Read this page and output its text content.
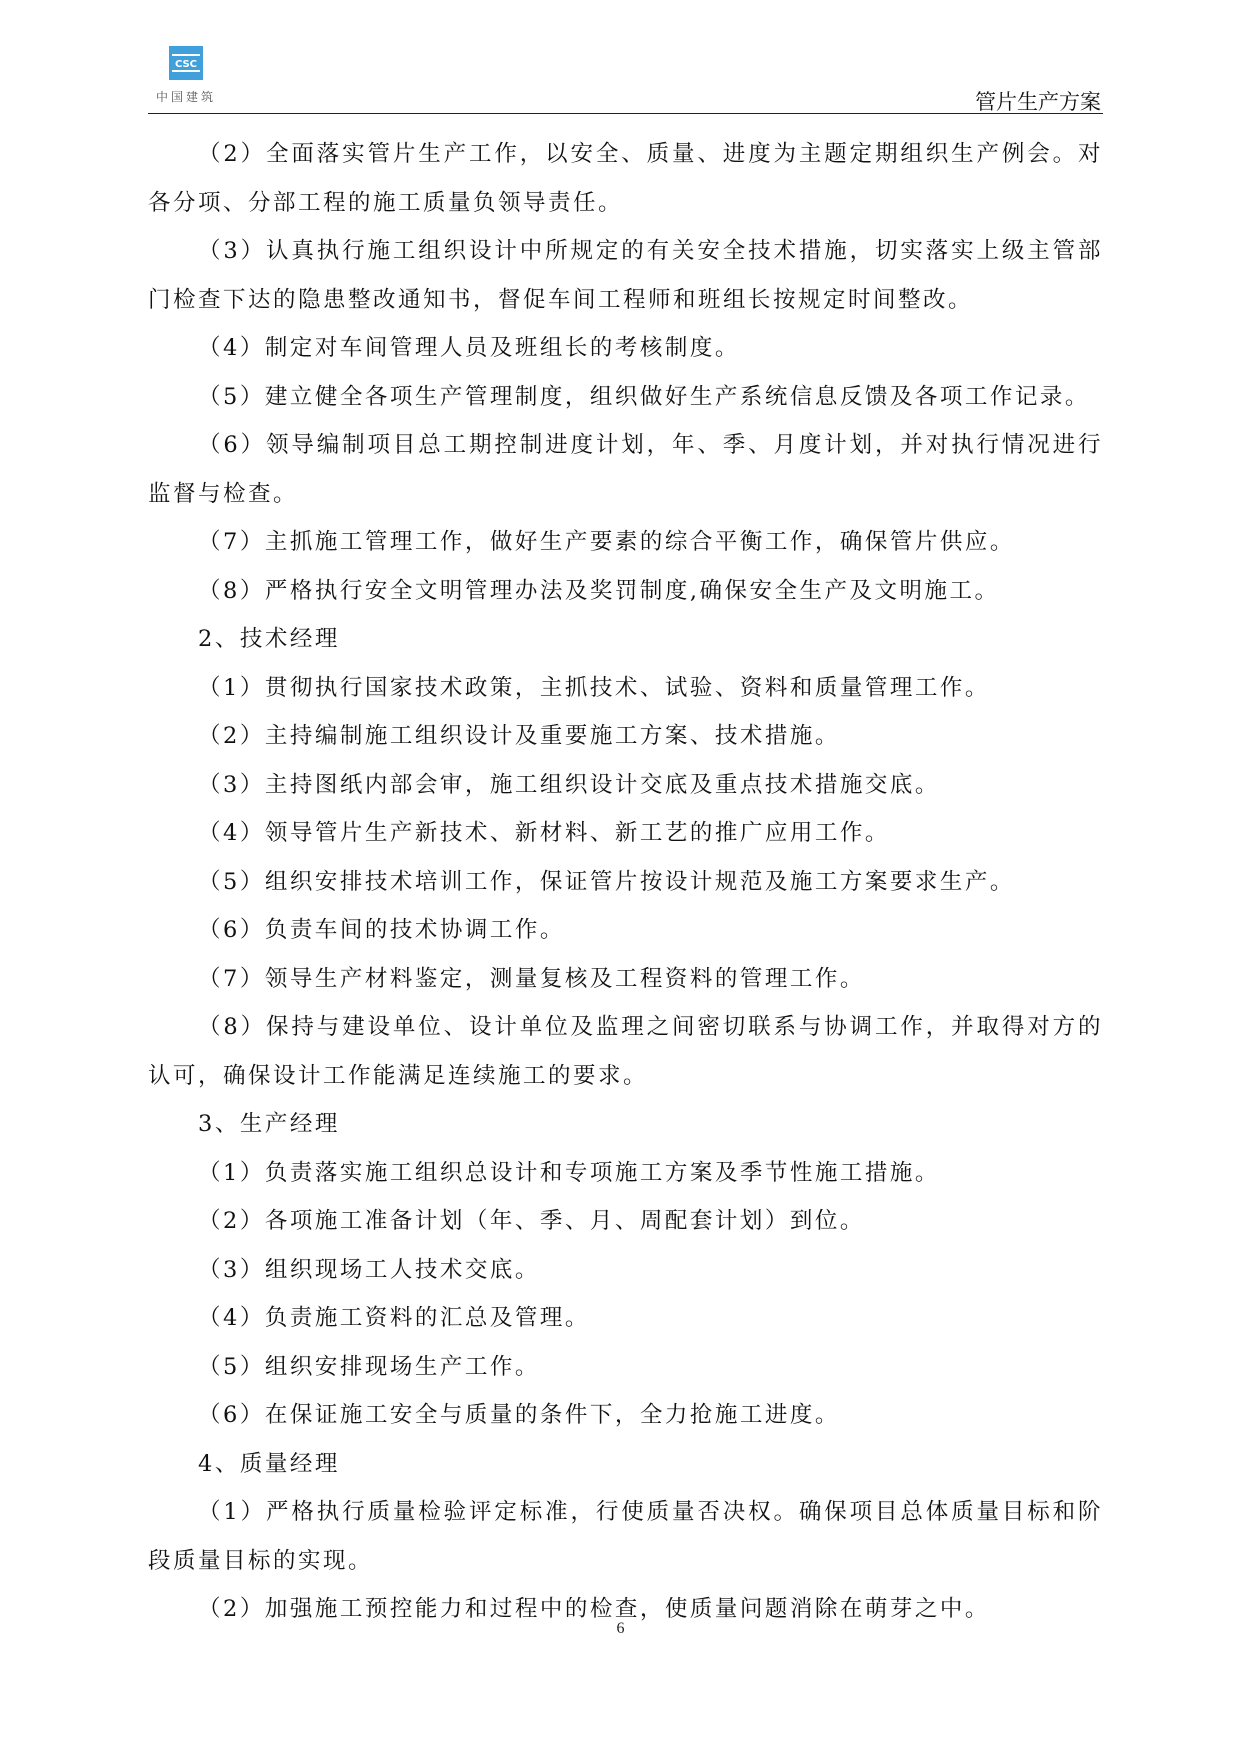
CSC
中国建筑	管片生产方案

（2）全面落实管片生产工作，以安全、质量、进度为主题定期组织生产例会。对各分项、分部工程的施工质量负领导责任。

（3）认真执行施工组织设计中所规定的有关安全技术措施，切实落实上级主管部门检查下达的隐患整改通知书，督促车间工程师和班组长按规定时间整改。

（4）制定对车间管理人员及班组长的考核制度。

（5）建立健全各项生产管理制度，组织做好生产系统信息反馈及各项工作记录。

（6）领导编制项目总工期控制进度计划，年、季、月度计划，并对执行情况进行监督与检查。

（7）主抓施工管理工作，做好生产要素的综合平衡工作，确保管片供应。

（8）严格执行安全文明管理办法及奖罚制度,确保安全生产及文明施工。

2、技术经理

（1）贯彻执行国家技术政策，主抓技术、试验、资料和质量管理工作。

（2）主持编制施工组织设计及重要施工方案、技术措施。

（3）主持图纸内部会审，施工组织设计交底及重点技术措施交底。

（4）领导管片生产新技术、新材料、新工艺的推广应用工作。

（5）组织安排技术培训工作，保证管片按设计规范及施工方案要求生产。

（6）负责车间的技术协调工作。

（7）领导生产材料鉴定，测量复核及工程资料的管理工作。

（8）保持与建设单位、设计单位及监理之间密切联系与协调工作，并取得对方的认可，确保设计工作能满足连续施工的要求。

3、生产经理

（1）负责落实施工组织总设计和专项施工方案及季节性施工措施。

（2）各项施工准备计划（年、季、月、周配套计划）到位。

（3）组织现场工人技术交底。

（4）负责施工资料的汇总及管理。

（5）组织安排现场生产工作。

（6）在保证施工安全与质量的条件下，全力抢施工进度。

4、质量经理

（1）严格执行质量检验评定标准，行使质量否决权。确保项目总体质量目标和阶段质量目标的实现。

（2）加强施工预控能力和过程中的检查，使质量问题消除在萌芽之中。

6
